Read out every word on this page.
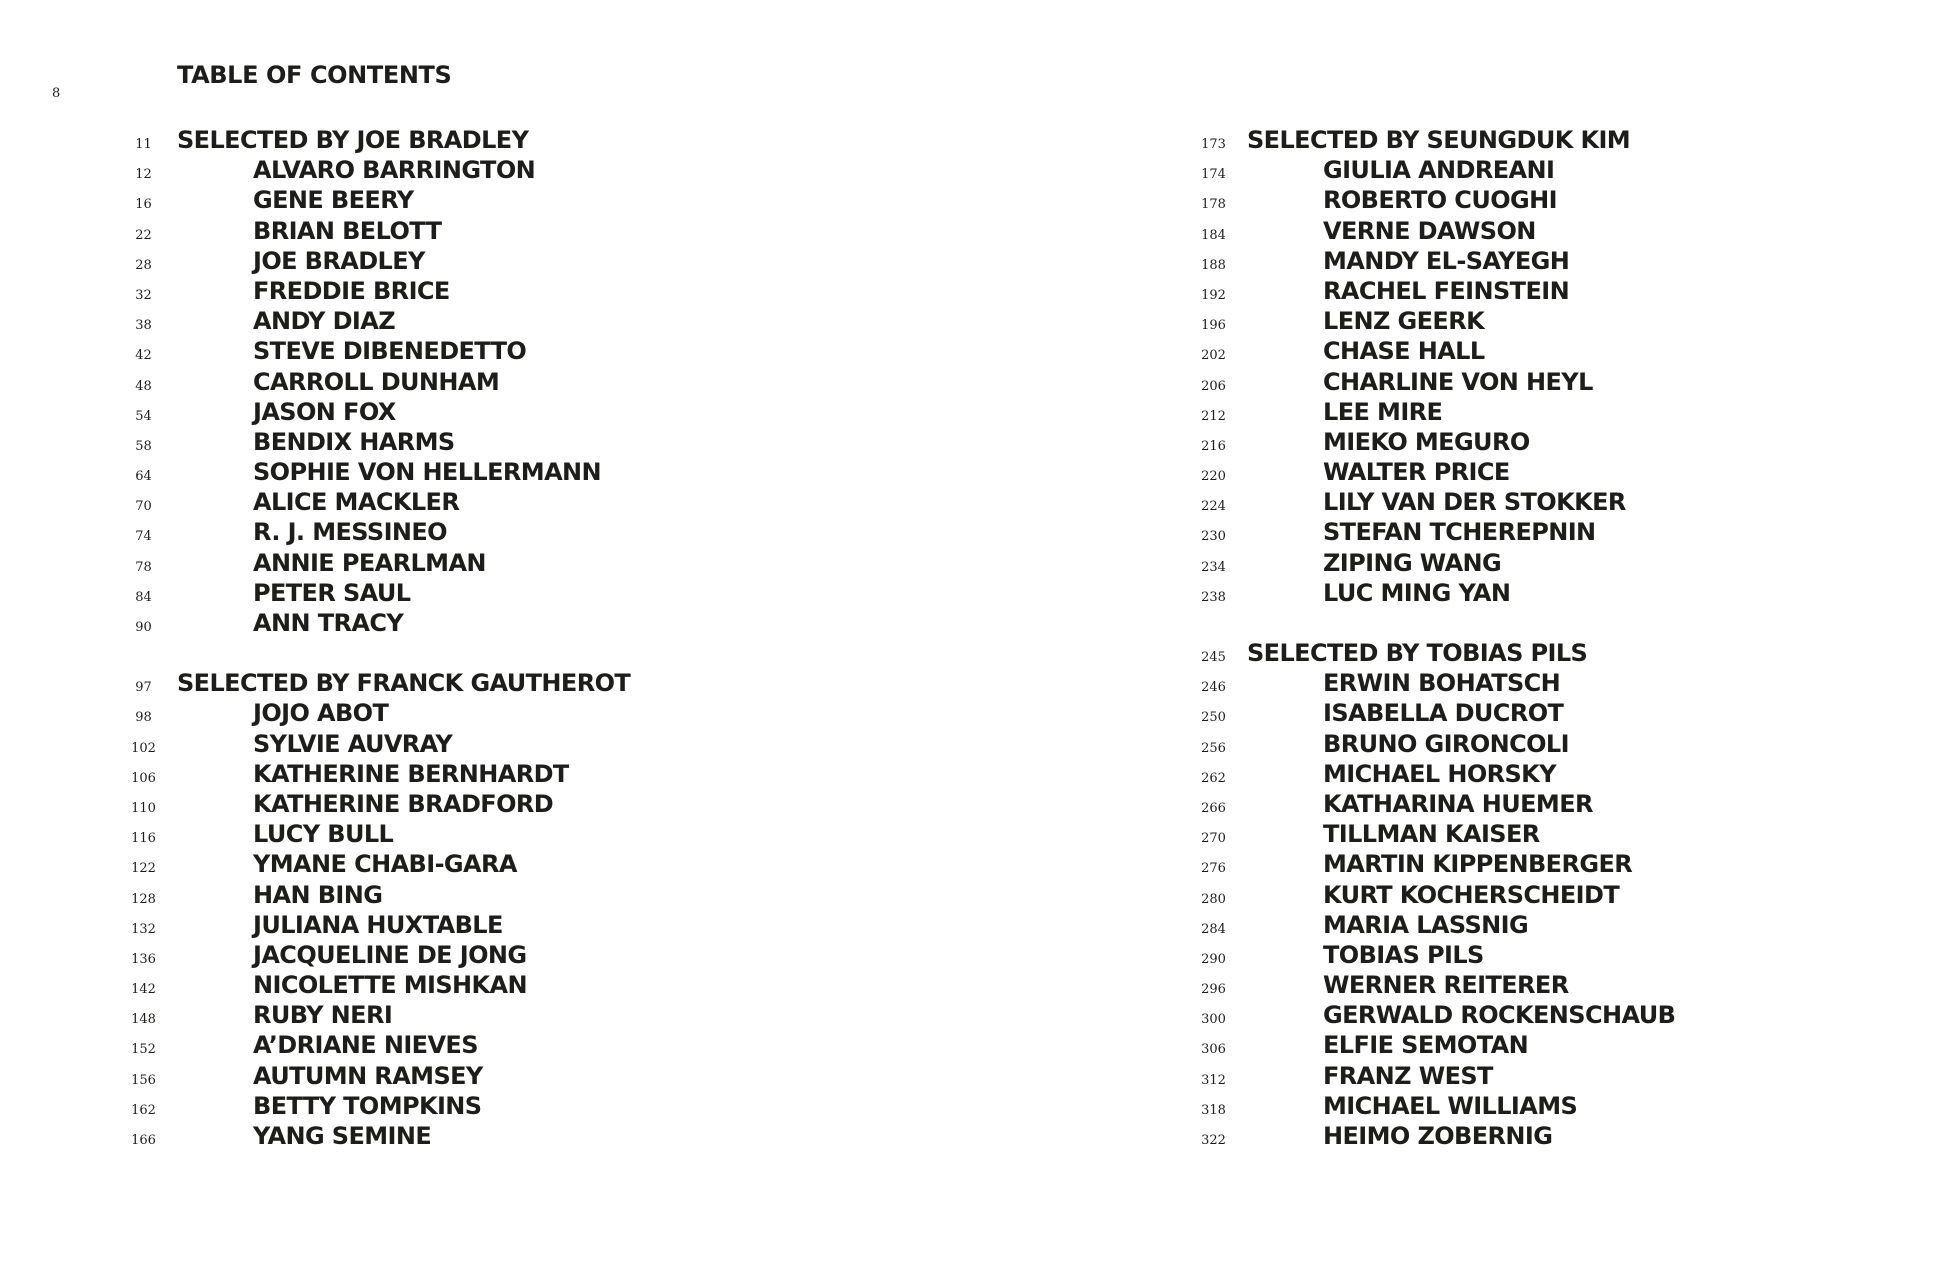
8
TABLE OF CONTENTS
11	SELECTED BY JOE BRADLEY
12	ALVARO BARRINGTON
16	GENE BEERY
22	BRIAN BELOTT
28	JOE BRADLEY
32	FREDDIE BRICE
38	ANDY DIAZ
42	STEVE DIBENEDETTO
48	CARROLL DUNHAM
54	JASON FOX
58	BENDIX HARMS
64	SOPHIE VON HELLERMANN
70	ALICE MACKLER
74	R. J. MESSINEO
78	ANNIE PEARLMAN
84	PETER SAUL
90	ANN TRACY
97	SELECTED BY FRANCK GAUTHEROT
98	JOJO ABOT
102	SYLVIE AUVRAY
106	KATHERINE BERNHARDT
110	KATHERINE BRADFORD
116	LUCY BULL
122	YMANE CHABI-GARA
128	HAN BING
132	JULIANA HUXTABLE
136	JACQUELINE DE JONG
142	NICOLETTE MISHKAN
148	RUBY NERI
152	A’DRIANE NIEVES
156	AUTUMN RAMSEY
162	BETTY TOMPKINS
166	YANG SEMINE
173 SELECTED BY SEUNGDUK KIM
174	GIULIA ANDREANI
178	ROBERTO CUOGHI
184	VERNE DAWSON
188	MANDY EL-SAYEGH
192	RACHEL FEINSTEIN
196	LENZ GEERK
202	CHASE HALL
206	CHARLINE VON HEYL
212	LEE MIRE
216	MIEKO MEGURO
220	WALTER PRICE
224	LILY VAN DER STOKKER
230	STEFAN TCHEREPNIN
234	ZIPING WANG
238	LUC MING YAN
245 SELECTED BY TOBIAS PILS
246	ERWIN BOHATSCH
250	ISABELLA DUCROT
256	BRUNO GIRONCOLI
262	MICHAEL HORSKY
266	KATHARINA HUEMER
270	TILLMAN KAISER
276	MARTIN KIPPENBERGER
280	KURT KOCHERSCHEIDT
284	MARIA LASSNIG
290	TOBIAS PILS
296	WERNER REITERER
300	GERWALD ROCKENSCHAUB
306	ELFIE SEMOTAN
312	FRANZ WEST
318	MICHAEL WILLIAMS
322	HEIMO ZOBERNIG
